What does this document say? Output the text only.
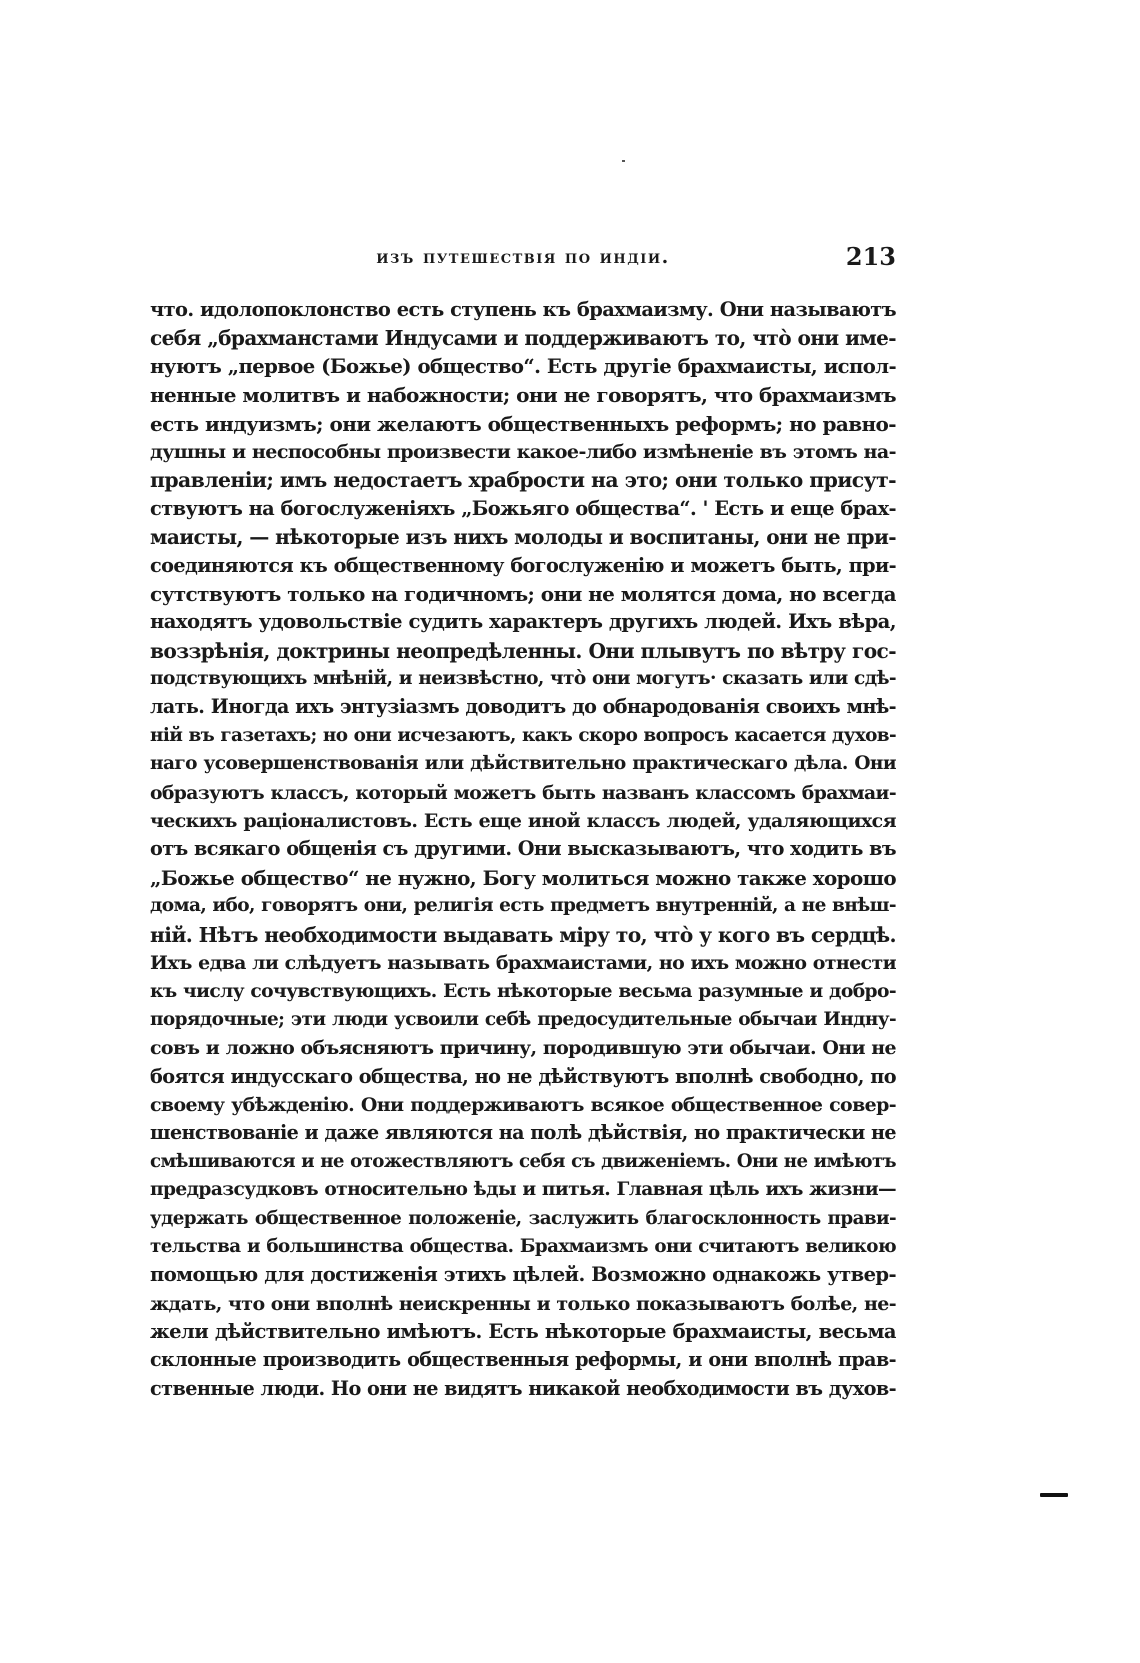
изъ путешествія по индіи.	213
что. идолопоклонство есть ступень къ брахмаизму. Они называютъ
себя „брахманстами Индусами и поддерживаютъ то, что̀ они име-
нуютъ „первое (Божье) общество“. Есть другіе брахмаисты, испол-
ненные молитвъ и набожности; они не говорятъ, что брахмаизмъ
есть индуизмъ; они желаютъ общественныхъ реформъ; но равно-
душны и неспособны произвести какое-либо измѣненіе въ этомъ на-
правленіи; имъ недостаетъ храбрости на это; они только присут-
ствуютъ на богослуженіяхъ „Божьяго общества“. ' Есть и еще брах-
маисты, — нѣкоторые изъ нихъ молоды и воспитаны, они не при-
соединяются къ общественному богослуженію и можетъ быть, при-
сутствуютъ только на годичномъ; они не молятся дома, но всегда
находятъ удовольствіе судить характеръ другихъ людей. Ихъ вѣра,
воззрѣнія, доктрины неопредѣленны. Они плывутъ по вѣтру гос-
подствующихъ мнѣній, и неизвѣстно, что̀ они могутъ· сказать или сдѣ-
лать. Иногда ихъ энтузіазмъ доводитъ до обнародованія своихъ мнѣ-
ній въ газетахъ; но они исчезаютъ, какъ скоро вопросъ касается духов-
наго усовершенствованія или дѣйствительно практическаго дѣла. Они
образуютъ классъ, который можетъ быть названъ классомъ брахмаи-
ческихъ раціоналистовъ. Есть еще иной классъ людей, удаляющихся
отъ всякаго общенія съ другими. Они высказываютъ, что ходить въ
„Божье общество“ не нужно, Богу молиться можно также хорошо
дома, ибо, говорятъ они, религія есть предметъ внутренній, а не внѣш-
ній. Нѣтъ необходимости выдавать міру то, что̀ у кого въ сердцѣ.
Ихъ едва ли слѣдуетъ называть брахмаистами, но ихъ можно отнести
къ числу сочувствующихъ. Есть нѣкоторые весьма разумные и добро-
порядочные; эти люди усвоили себѣ предосудительные обычаи Индну-
совъ и ложно объясняютъ причину, породившую эти обычаи. Они не
боятся индусскаго общества, но не дѣйствуютъ вполнѣ свободно, по
своему убѣжденію. Они поддерживаютъ всякое общественное совер-
шенствованіе и даже являются на полѣ дѣйствія, но практически не
смѣшиваются и не отожествляютъ себя съ движеніемъ. Они не имѣютъ
предразсудковъ относительно ѣды и питья. Главная цѣль ихъ жизни—
удержать общественное положеніе, заслужить благосклонность прави-
тельства и большинства общества. Брахмаизмъ они считаютъ великою
помощью для достиженія этихъ цѣлей. Возможно однакожь утвер-
ждать, что они вполнѣ неискренны и только показываютъ болѣе, не-
жели дѣйствительно имѣютъ. Есть нѣкоторые брахмаисты, весьма
склонные производить общественныя реформы, и они вполнѣ прав-
ственные люди. Но они не видятъ никакой необходимости въ духов-
